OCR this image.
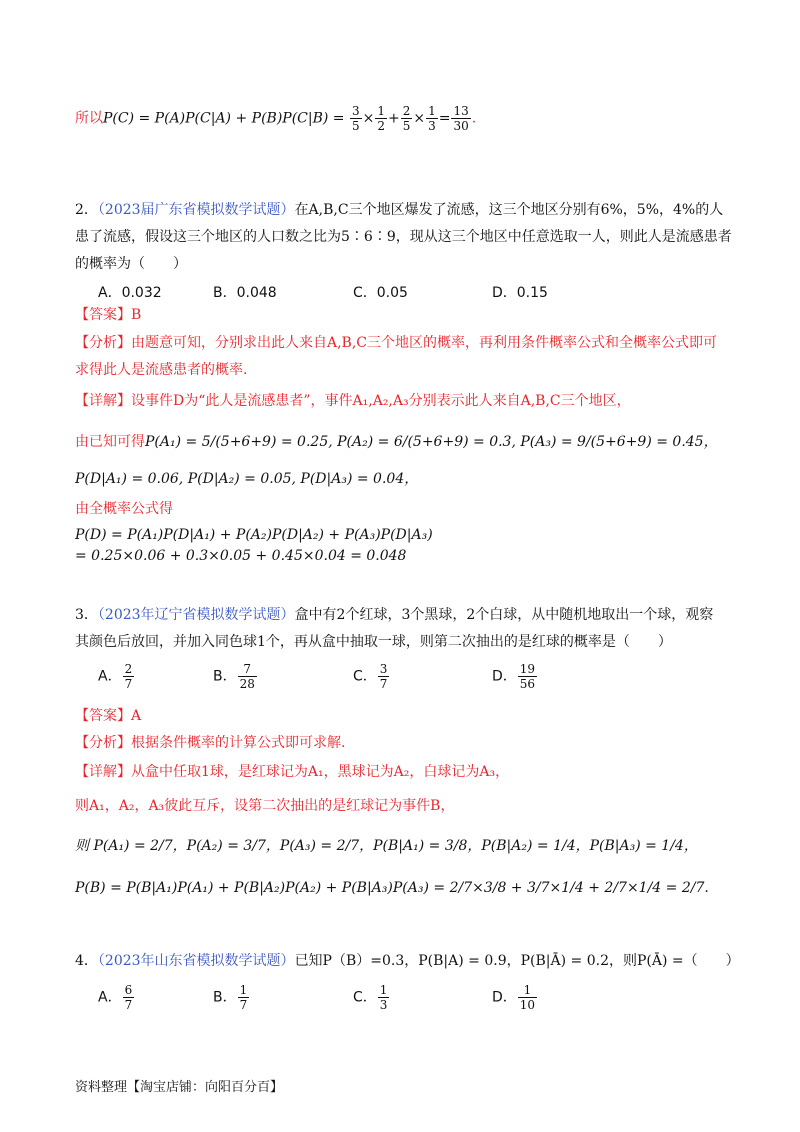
所以$P(C) = P(A)P(C|A) + P(B)P(C|B) = \frac{3}{5} \times \frac{1}{2} + \frac{2}{5} \times \frac{1}{3} = \frac{13}{30}$ .
2．（2023届广东省模拟数学试题）在A,B,C三个地区爆发了流感，这三个地区分别有6%，5%，4%的人
患了流感，假设这三个地区的人口数之比为5∶6∶9，现从这三个地区中任意选取一人，则此人是流感患者
的概率为（　　）
A．0.032	B．0.048	C．0.05	D．0.15
【答案】B
【分析】由题意可知，分别求出此人来自A,B,C三个地区的概率，再利用条件概率公式和全概率公式即可
求得此人是流感患者的概率.
【详解】设事件D为“此人是流感患者”，事件A₁,A₂,A₃分别表示此人来自A,B,C三个地区，
由已知可得P(A₁) = 5/(5+6+9) = 0.25, P(A₂) = 6/(5+6+9) = 0.3, P(A₃) = 9/(5+6+9) = 0.45，
P(D|A₁) = 0.06, P(D|A₂) = 0.05, P(D|A₃) = 0.04，
由全概率公式得
P(D) = P(A₁)P(D|A₁) + P(A₂)P(D|A₂) + P(A₃)P(D|A₃)
= 0.25×0.06 + 0.3×0.05 + 0.45×0.04 = 0.048
3．（2023年辽宁省模拟数学试题）盒中有2个红球，3个黑球，2个白球，从中随机地取出一个球，观察
其颜色后放回，并加入同色球1个，再从盒中抽取一球，则第二次抽出的是红球的概率是（　　）
A． $\frac{2}{7}$	B． $\frac{7}{28}$	C． $\frac{3}{7}$	D． $\frac{19}{56}$
【答案】A
【分析】根据条件概率的计算公式即可求解.
【详解】从盒中任取1球，是红球记为A₁，黑球记为A₂，白球记为A₃，
则A₁，A₂，A₃彼此互斥，设第二次抽出的是红球记为事件B，
则 P(A₁) = 2/7，P(A₂) = 3/7，P(A₃) = 2/7，P(B|A₁) = 3/8，P(B|A₂) = 1/4，P(B|A₃) = 1/4，
P(B) = P(B|A₁)P(A₁) + P(B|A₂)P(A₂) + P(B|A₃)P(A₃) = 2/7×3/8 + 3/7×1/4 + 2/7×1/4 = 2/7.
4．（2023年山东省模拟数学试题）已知P（B）=0.3，P(B|A) = 0.9，P(B|Ā) = 0.2，则P(Ā) =（　　）
A． $\frac{6}{7}$	B． $\frac{1}{7}$	C． $\frac{1}{3}$	D． $\frac{1}{10}$
资料整理【淘宝店铺：向阳百分百】
